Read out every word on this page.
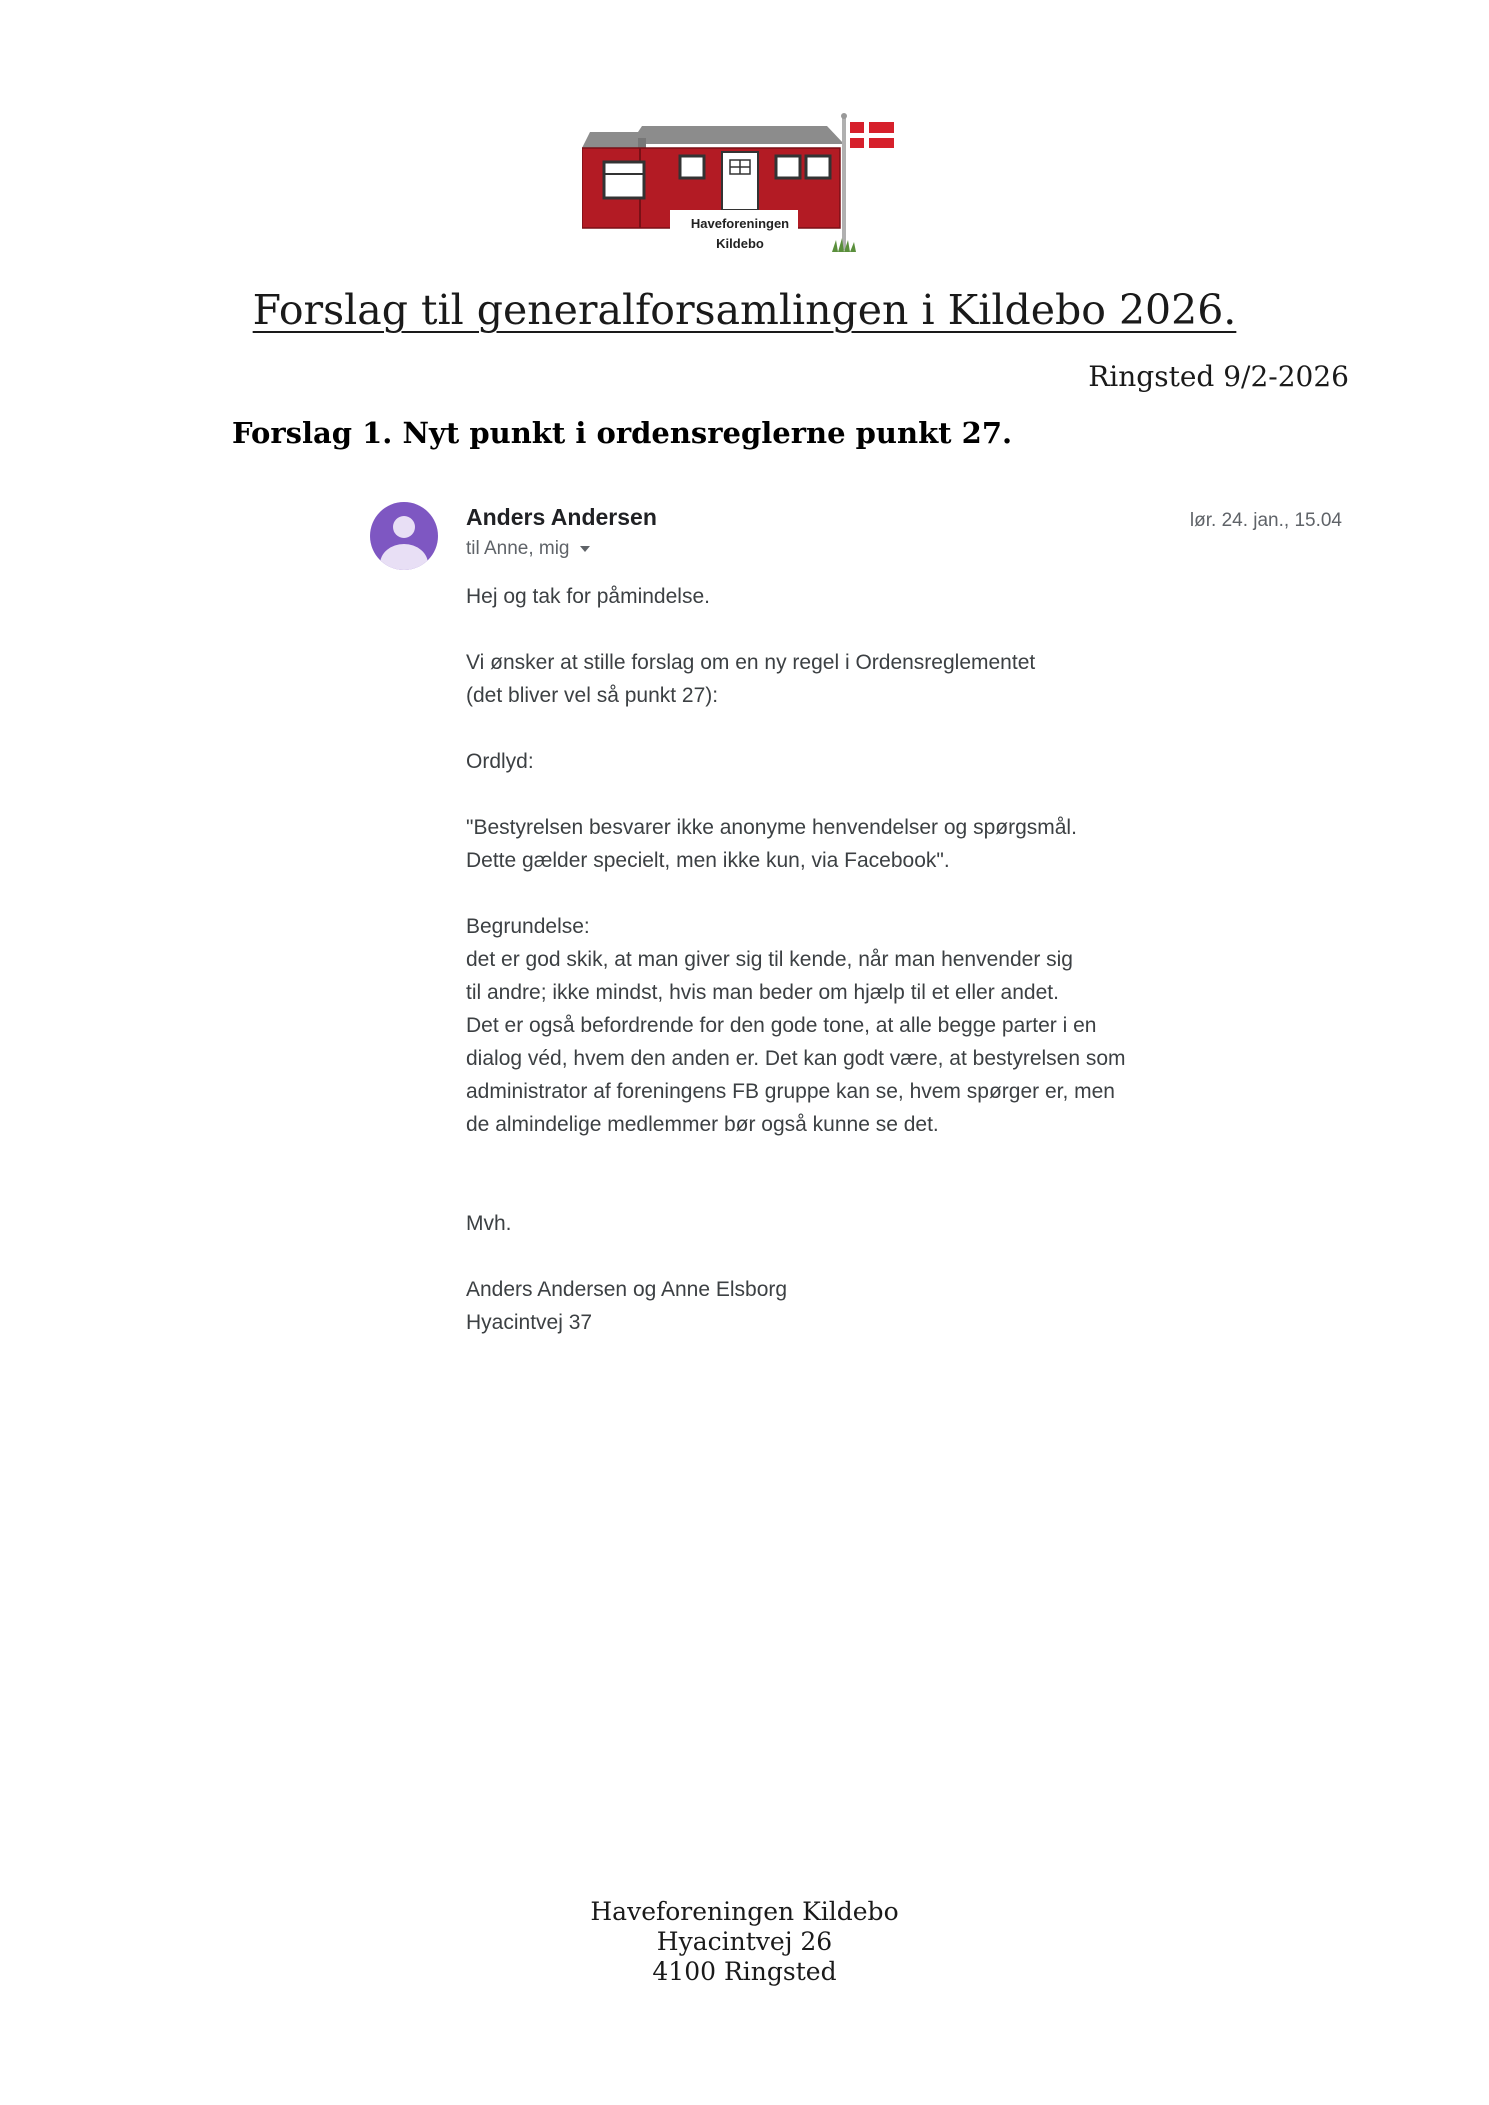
Haveforeningen
Kildebo
Forslag til generalforsamlingen i Kildebo 2026.
Ringsted 9/2-2026
Forslag 1. Nyt punkt i ordensreglerne punkt 27.
Anders Andersen	lør. 24. jan., 15.04
til Anne, mig

Hej og tak for påmindelse.

Vi ønsker at stille forslag om en ny regel i Ordensreglementet

(det bliver vel så punkt 27):

Ordlyd:

"Bestyrelsen besvarer ikke anonyme henvendelser og spørgsmål.

Dette gælder specielt, men ikke kun, via Facebook".

Begrundelse:

det er god skik, at man giver sig til kende, når man henvender sig

til andre; ikke mindst, hvis man beder om hjælp til et eller andet.

Det er også befordrende for den gode tone, at alle begge parter i en

dialog véd, hvem den anden er. Det kan godt være, at bestyrelsen som

administrator af foreningens FB gruppe kan se, hvem spørger er, men

de almindelige medlemmer bør også kunne se det.

Mvh.

Anders Andersen og Anne Elsborg

Hyacintvej 37

Haveforeningen Kildebo
Hyacintvej 26
4100 Ringsted
